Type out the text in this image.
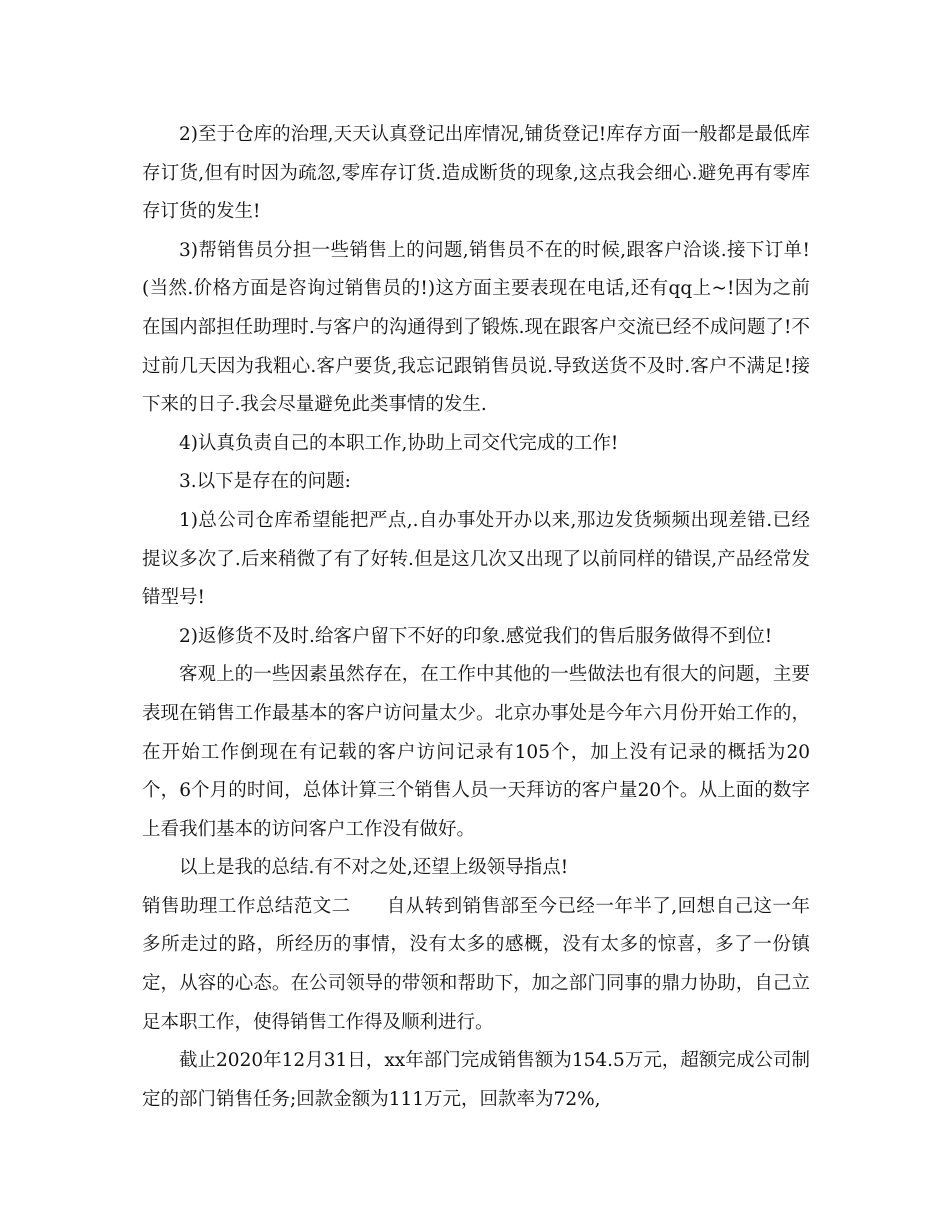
2)至于仓库的治理,天天认真登记出库情况,铺货登记!库存方面一般都是最低库存订货,但有时因为疏忽,零库存订货.造成断货的现象,这点我会细心.避免再有零库存订货的发生!

3)帮销售员分担一些销售上的问题,销售员不在的时候,跟客户洽谈.接下订单!(当然.价格方面是咨询过销售员的!)这方面主要表现在电话,还有qq上~!因为之前在国内部担任助理时.与客户的沟通得到了锻炼.现在跟客户交流已经不成问题了!不过前几天因为我粗心.客户要货,我忘记跟销售员说.导致送货不及时.客户不满足!接下来的日子.我会尽量避免此类事情的发生.

4)认真负责自己的本职工作,协助上司交代完成的工作!

3.以下是存在的问题:

1)总公司仓库希望能把严点,.自办事处开办以来,那边发货频频出现差错.已经提议多次了.后来稍微了有了好转.但是这几次又出现了以前同样的错误,产品经常发错型号!

2)返修货不及时.给客户留下不好的印象.感觉我们的售后服务做得不到位!

客观上的一些因素虽然存在，在工作中其他的一些做法也有很大的问题，主要表现在销售工作最基本的客户访问量太少。北京办事处是今年六月份开始工作的，在开始工作倒现在有记载的客户访问记录有105个，加上没有记录的概括为20个，6个月的时间，总体计算三个销售人员一天拜访的客户量20个。从上面的数字上看我们基本的访问客户工作没有做好。

以上是我的总结.有不对之处,还望上级领导指点!

销售助理工作总结范文二 自从转到销售部至今已经一年半了,回想自己这一年多所走过的路，所经历的事情，没有太多的感概，没有太多的惊喜，多了一份镇定，从容的心态。在公司领导的带领和帮助下，加之部门同事的鼎力协助，自己立足本职工作，使得销售工作得及顺利进行。

截止2020年12月31日，xx年部门完成销售额为154.5万元，超额完成公司制定的部门销售任务;回款金额为111万元，回款率为72%,
